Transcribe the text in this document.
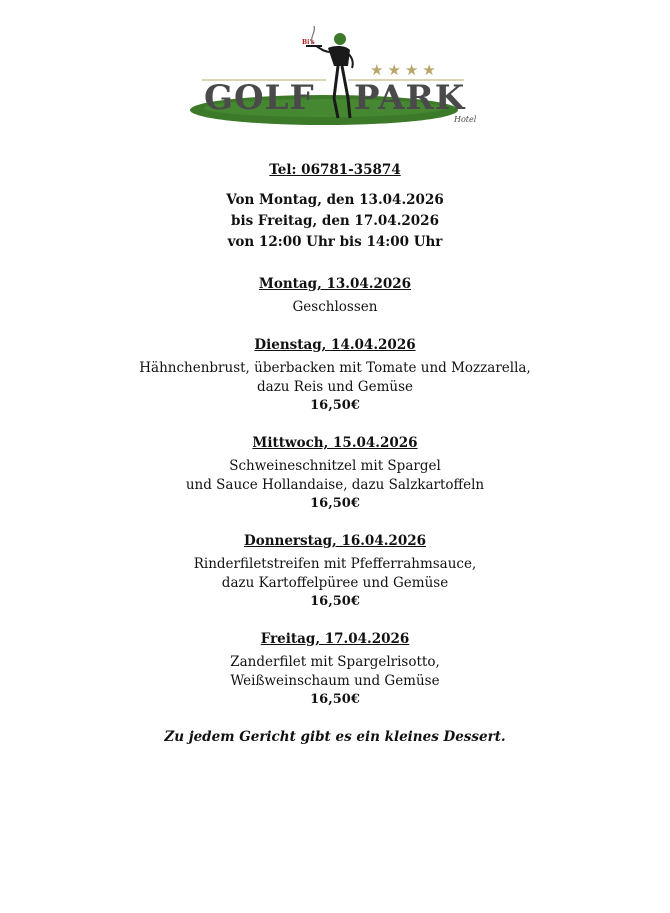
★★★★
Bi's
GOLF PARK
Hotel

Tel: 06781-35874

Von Montag, den 13.04.2026

bis Freitag, den 17.04.2026

von 12:00 Uhr bis 14:00 Uhr

Montag, 13.04.2026

Geschlossen

Dienstag, 14.04.2026

Hähnchenbrust, überbacken mit Tomate und Mozzarella,

dazu Reis und Gemüse

16,50€

Mittwoch, 15.04.2026

Schweineschnitzel mit Spargel

und Sauce Hollandaise, dazu Salzkartoffeln

16,50€

Donnerstag, 16.04.2026

Rinderfiletstreifen mit Pfefferrahmsauce,

dazu Kartoffelpüree und Gemüse

16,50€

Freitag, 17.04.2026

Zanderfilet mit Spargelrisotto,

Weißweinschaum und Gemüse

16,50€

Zu jedem Gericht gibt es ein kleines Dessert.
